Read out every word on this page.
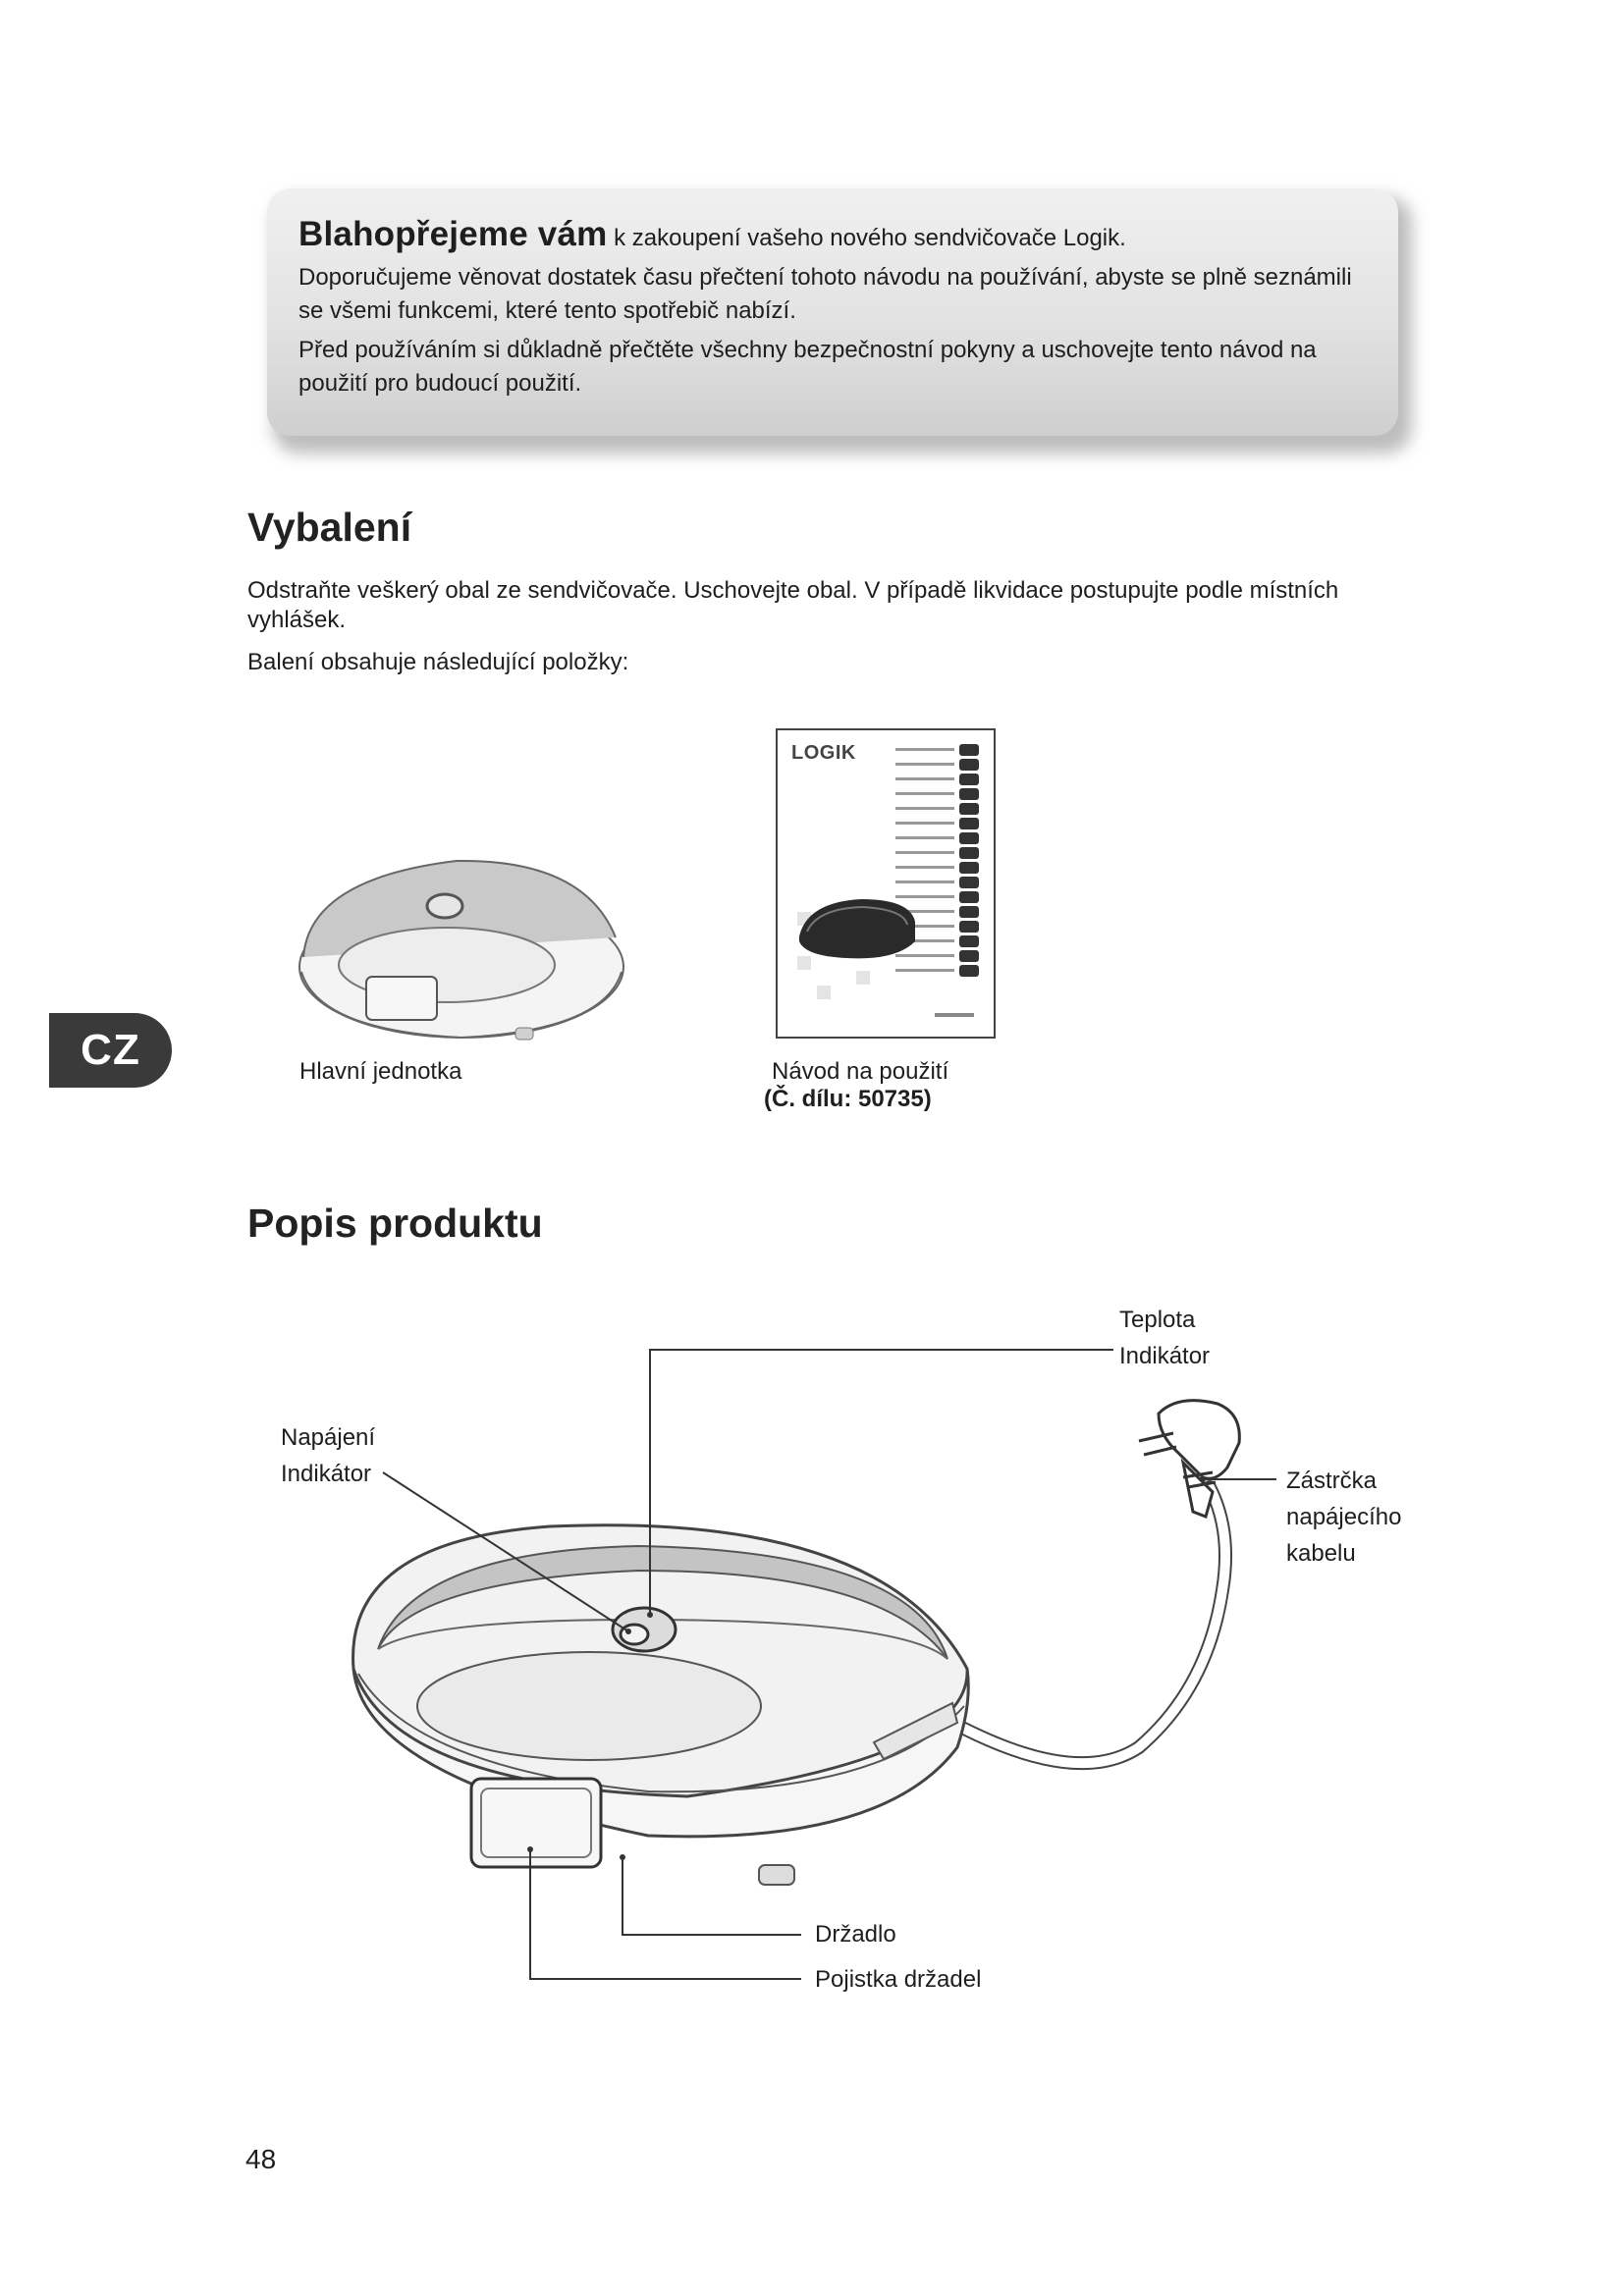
Blahopřejeme vám k zakoupení vašeho nového sendvičovače Logik.

Doporučujeme věnovat dostatek času přečtení tohoto návodu na používání, abyste se plně seznámili

se všemi funkcemi, které tento spotřebič nabízí.

Před používáním si důkladně přečtěte všechny bezpečnostní pokyny a uschovejte tento návod na

použití pro budoucí použití.

Vybalení

Odstraňte veškerý obal ze sendvičovače. Uschovejte obal. V případě likvidace postupujte podle místních

vyhlášek.

Balení obsahuje následující položky:

Hlavní jednotka
LOGIK
Návod na použití
(Č. dílu: 50735)
CZ
Popis produktu
Teplota
Indikátor
Napájení
Indikátor	Zástrčka
napájecího
kabelu
Držadlo
Pojistka držadel
48
